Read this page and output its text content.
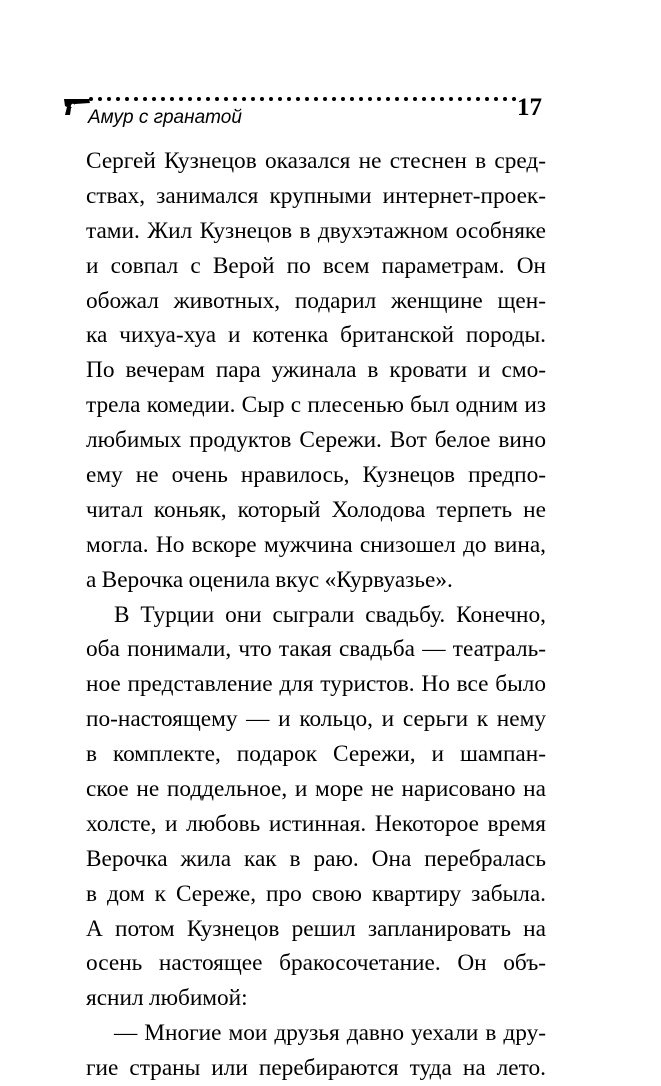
Амур с гранатой	17
Сергей Кузнецов оказался не стеснен в сред-
ствах, занимался крупными интернет-проек-
тами. Жил Кузнецов в двухэтажном особняке
и совпал с Верой по всем параметрам. Он
обожал животных, подарил женщине щен-
ка чихуа-хуа и котенка британской породы.
По вечерам пара ужинала в кровати и смо-
трела комедии. Сыр с плесенью был одним из
любимых продуктов Сережи. Вот белое вино
ему не очень нравилось, Кузнецов предпо-
читал коньяк, который Холодова терпеть не
могла. Но вскоре мужчина снизошел до вина,
а Верочка оценила вкус «Курвуазье».
В Турции они сыграли свадьбу. Конечно,
оба понимали, что такая свадьба — театраль-
ное представление для туристов. Но все было
по-настоящему — и кольцо, и серьги к нему
в комплекте, подарок Сережи, и шампан-
ское не поддельное, и море не нарисовано на
холсте, и любовь истинная. Некоторое время
Верочка жила как в раю. Она перебралась
в дом к Сереже, про свою квартиру забыла.
А потом Кузнецов решил запланировать на
осень настоящее бракосочетание. Он объ-
яснил любимой:
— Многие мои друзья давно уехали в дру-
гие страны или перебираются туда на лето.
